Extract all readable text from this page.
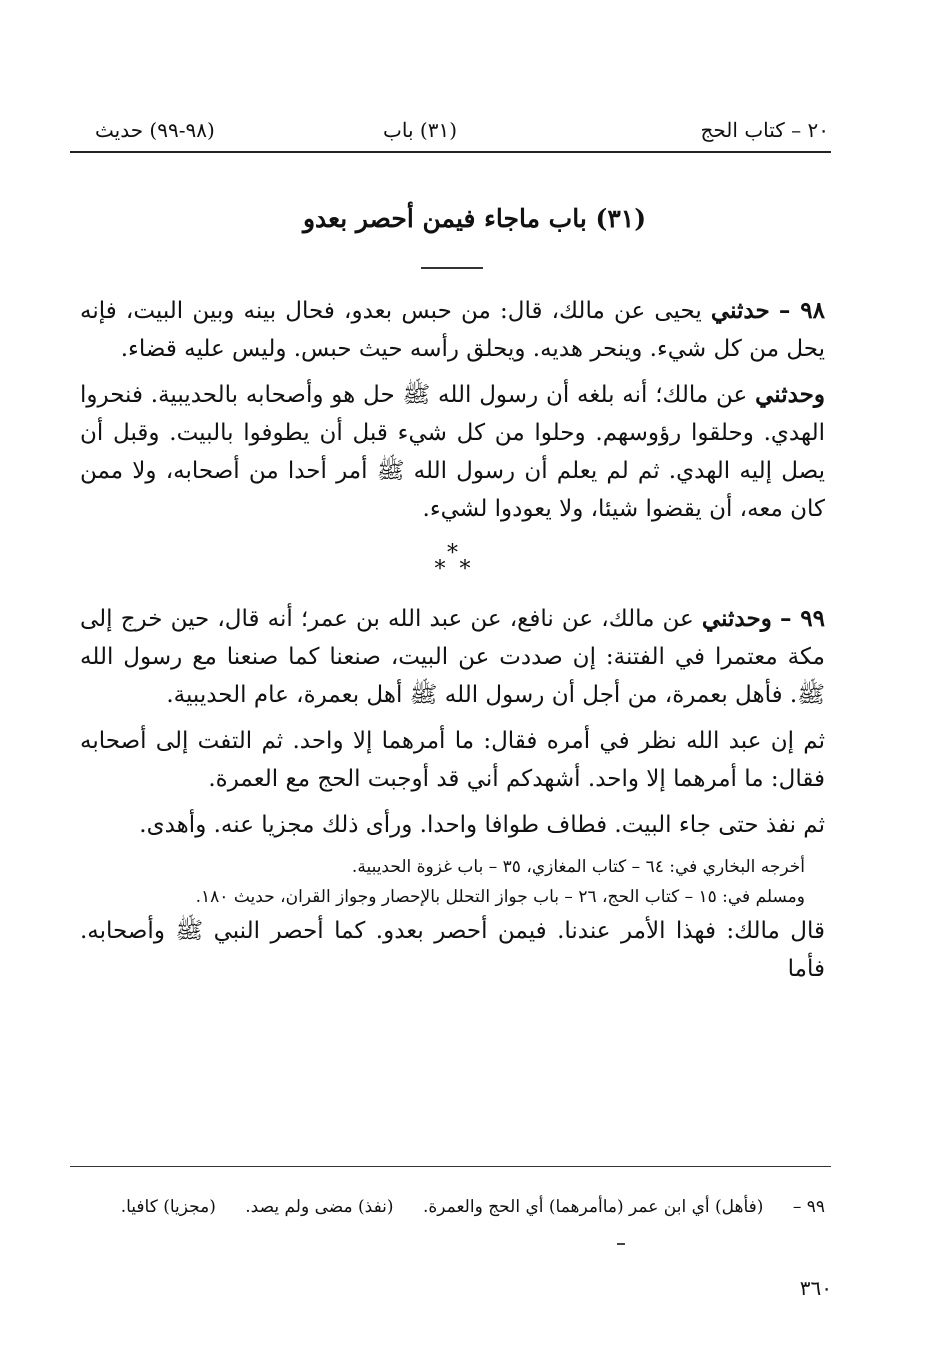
٢٠ – كتاب الحج
(٣١) باب
(٩٨-٩٩) حديث
(٣١) باب ماجاء فيمن أحصر بعدو

٩٨ – حدثني يحيى عن مالك، قال: من حبس بعدو، فحال بينه وبين البيت، فإنه يحل من كل شيء. وينحر هديه. ويحلق رأسه حيث حبس. وليس عليه قضاء.

وحدثني عن مالك؛ أنه بلغه أن رسول الله ﷺ حل هو وأصحابه بالحديبية. فنحروا الهدي. وحلقوا رؤوسهم. وحلوا من كل شيء قبل أن يطوفوا بالبيت. وقبل أن يصل إليه الهدي. ثم لم يعلم أن رسول الله ﷺ أمر أحدا من أصحابه، ولا ممن كان معه، أن يقضوا شيئا، ولا يعودوا لشيء.

*
* *

٩٩ – وحدثني عن مالك، عن نافع، عن عبد الله بن عمر؛ أنه قال، حين خرج إلى مكة معتمرا في الفتنة: إن صددت عن البيت، صنعنا كما صنعنا مع رسول الله ﷺ. فأهل بعمرة، من أجل أن رسول الله ﷺ أهل بعمرة، عام الحديبية.

ثم إن عبد الله نظر في أمره فقال: ما أمرهما إلا واحد. ثم التفت إلى أصحابه فقال: ما أمرهما إلا واحد. أشهدكم أني قد أوجبت الحج مع العمرة.

ثم نفذ حتى جاء البيت. فطاف طوافا واحدا. ورأى ذلك مجزيا عنه. وأهدى.

أخرجه البخاري في: ٦٤ – كتاب المغازي، ٣٥ – باب غزوة الحديبية.
ومسلم في: ١٥ – كتاب الحج، ٢٦ – باب جواز التحلل بالإحصار وجواز القران، حديث ١٨٠.

قال مالك: فهذا الأمر عندنا. فيمن أحصر بعدو. كما أحصر النبي ﷺ وأصحابه. فأما

٩٩ – (فأهل) أي ابن عمر (ماأمرهما) أي الحج والعمرة. (نفذ) مضى ولم يصد. (مجزيا) كافيا.
٣٦٠
